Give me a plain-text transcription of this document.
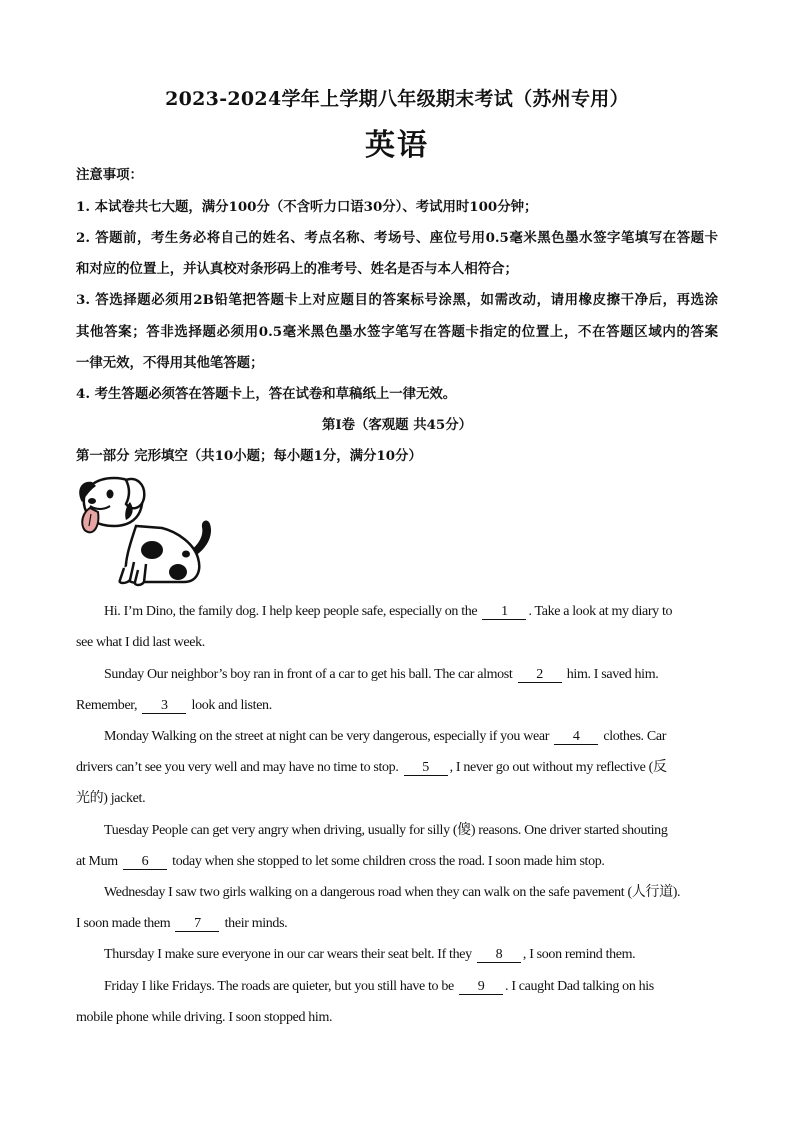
2023-2024学年上学期八年级期末考试（苏州专用）
英语
注意事项：
1. 本试卷共七大题，满分100分（不含听力口语30分）、考试用时100分钟；
2. 答题前，考生务必将自己的姓名、考点名称、考场号、座位号用0.5毫米黑色墨水签字笔填写在答题卡
和对应的位置上，并认真校对条形码上的准考号、姓名是否与本人相符合；
3. 答选择题必须用2B铅笔把答题卡上对应题目的答案标号涂黑，如需改动，请用橡皮擦干净后，再选涂
其他答案；答非选择题必须用0.5毫米黑色墨水签字笔写在答题卡指定的位置上，不在答题区域内的答案
一律无效，不得用其他笔答题；
4. 考生答题必须答在答题卡上，答在试卷和草稿纸上一律无效。
第I卷（客观题 共45分）
第一部分 完形填空（共10小题；每小题1分，满分10分）
Hi. I’m Dino, the family dog. I help keep people safe, especially on the 1 . Take a look at my diary to
see what I did last week.
Sunday Our neighbor’s boy ran in front of a car to get his ball. The car almost 2 him. I saved him.
Remember, 3 look and listen.
Monday Walking on the street at night can be very dangerous, especially if you wear 4 clothes. Car
drivers can’t see you very well and may have no time to stop. 5 , I never go out without my reflective (反
光的) jacket.
Tuesday People can get very angry when driving, usually for silly (傻) reasons. One driver started shouting
at Mum 6 today when she stopped to let some children cross the road. I soon made him stop.
Wednesday I saw two girls walking on a dangerous road when they can walk on the safe pavement (人行道).
I soon made them 7 their minds.
Thursday I make sure everyone in our car wears their seat belt. If they 8 , I soon remind them.
Friday I like Fridays. The roads are quieter, but you still have to be 9 . I caught Dad talking on his
mobile phone while driving. I soon stopped him.
